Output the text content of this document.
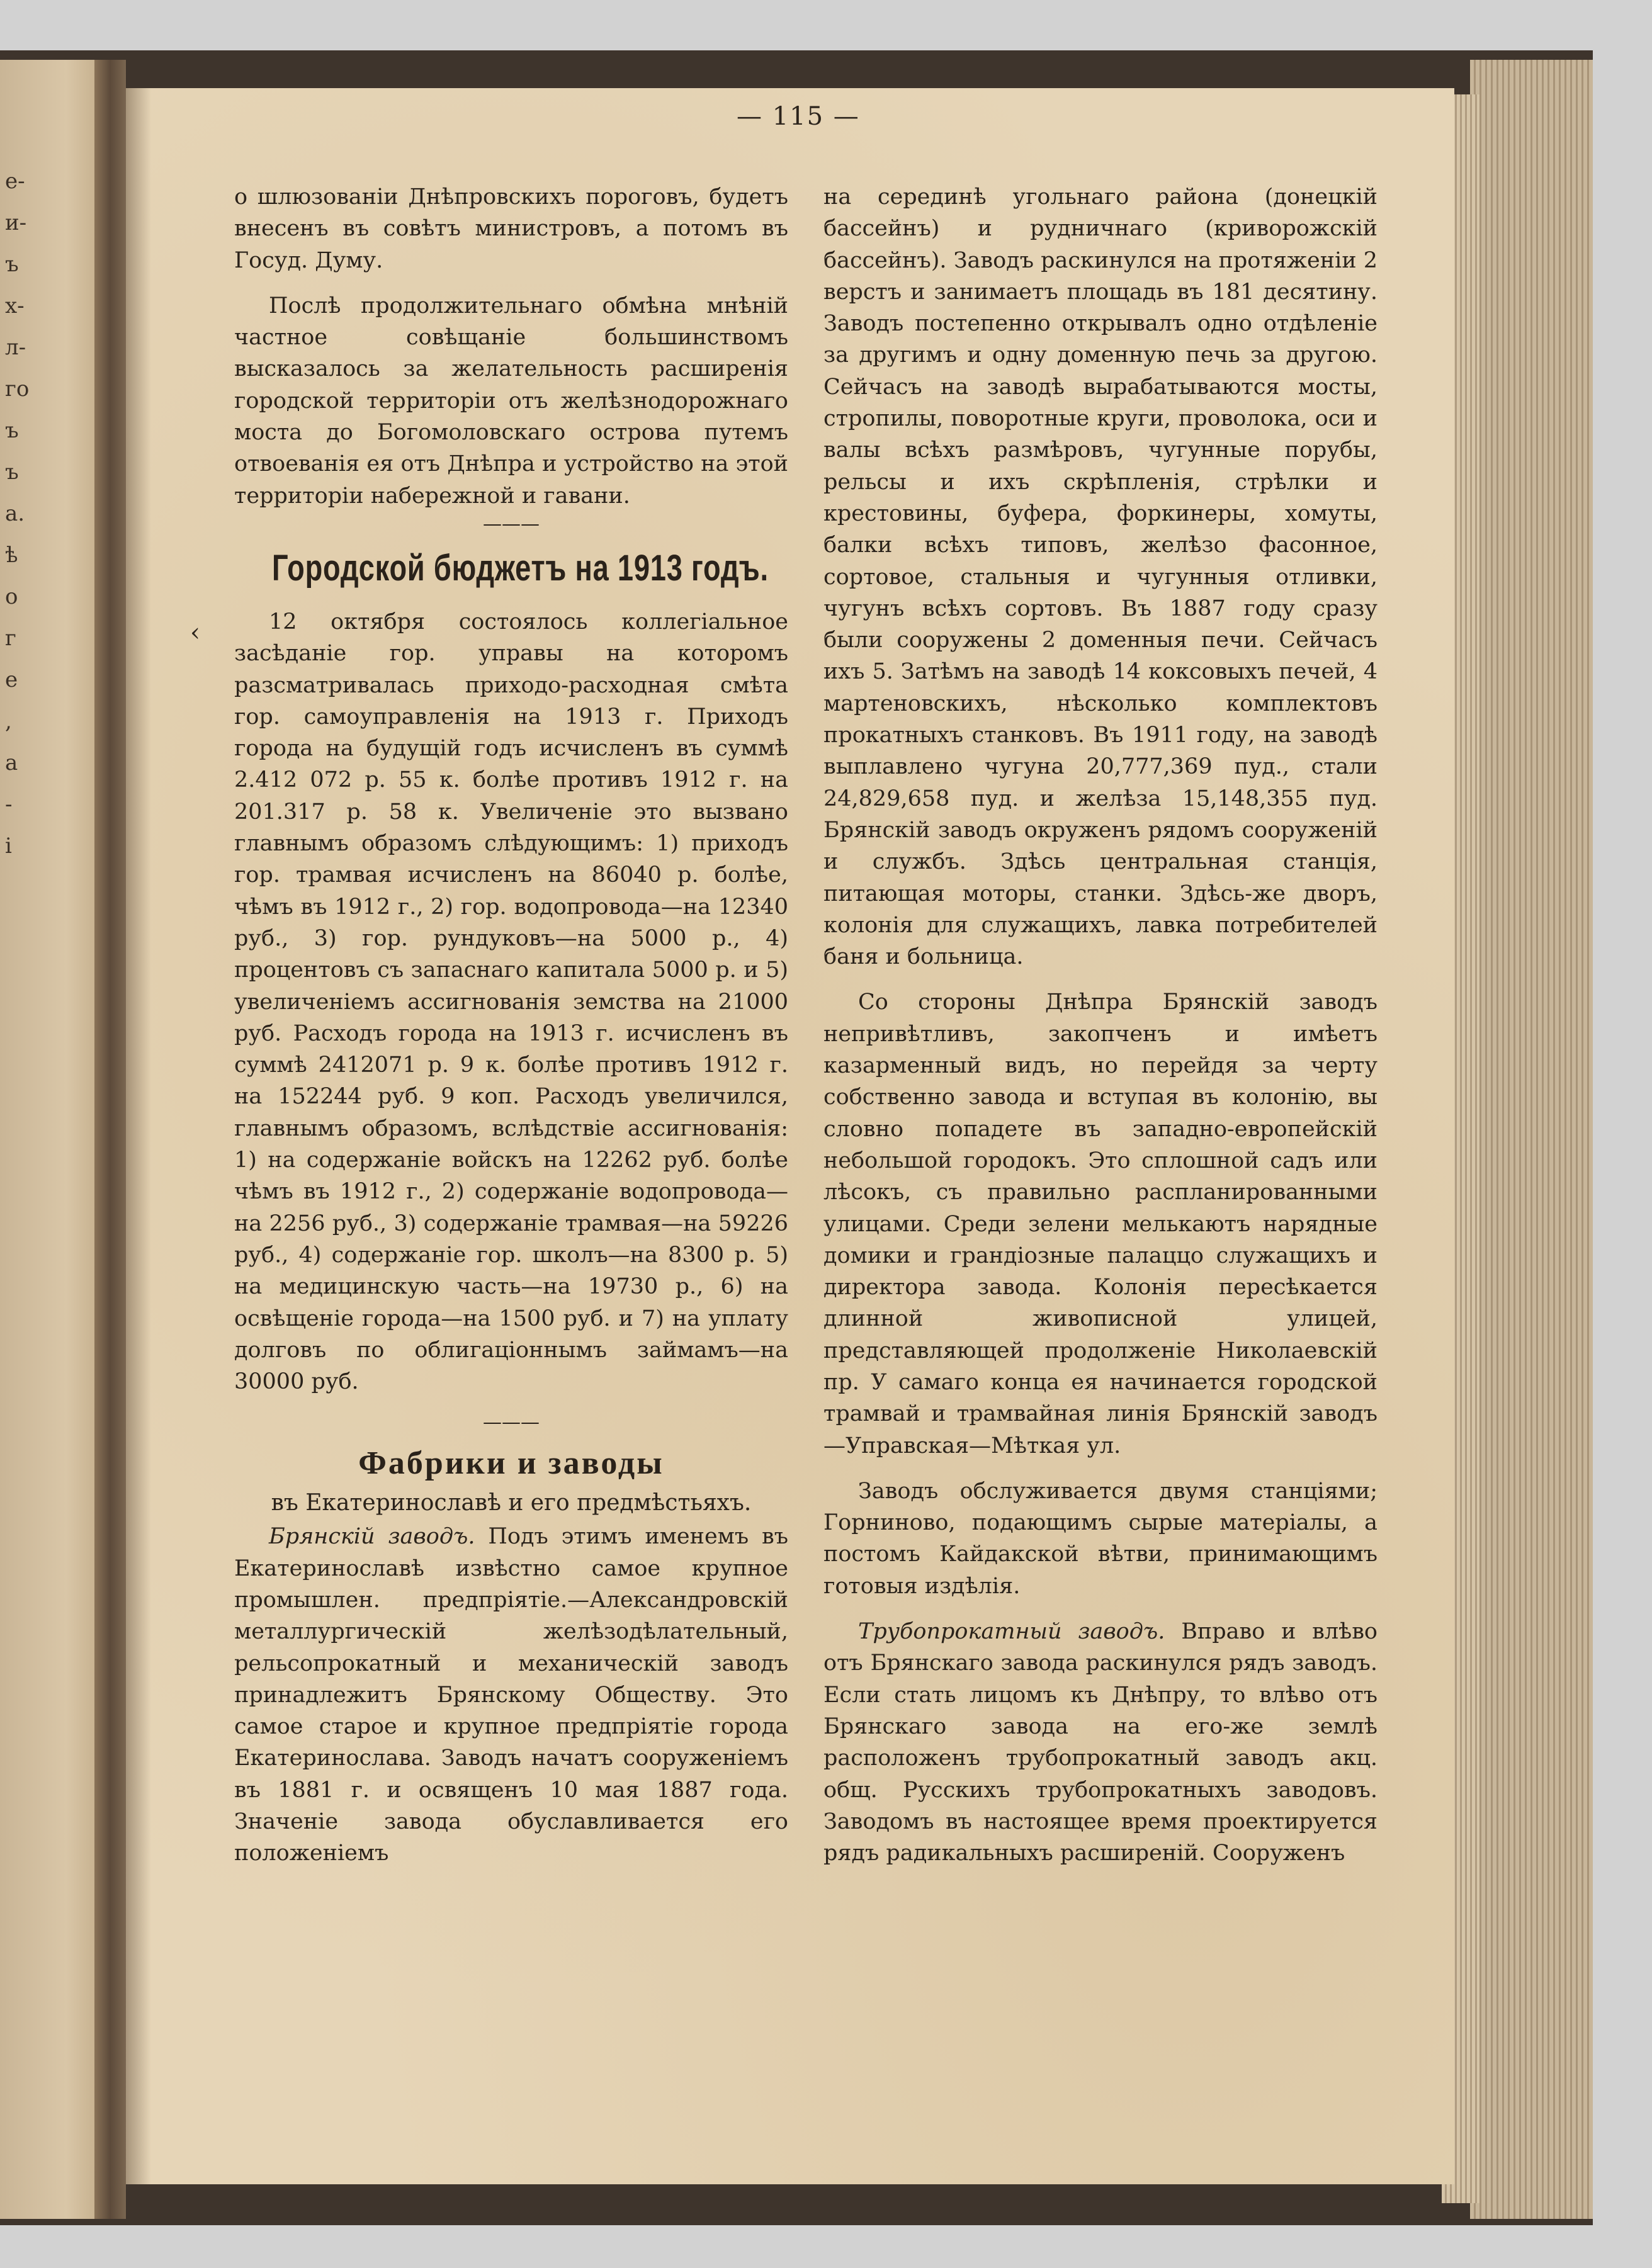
е-
и-
ъ
х-
л-
го
ъ
ъ
а.
ѣ
о
г
е
,
а
-
і
— 115 —
‹

о шлюзованіи Днѣпровскихъ пороговъ, будетъ внесенъ въ совѣтъ министровъ, а потомъ въ Госуд. Думу.

Послѣ продолжительнаго обмѣна мнѣній частное совѣщаніе большинствомъ высказалось за желательность расширенія городской территоріи отъ желѣзнодорожнаго моста до Богомоловскаго острова путемъ отвоеванія ея отъ Днѣпра и устройство на этой территоріи набережной и гавани.

———

Городской бюджетъ на 1913 годъ.

12 октября состоялось коллегіальное засѣданіе гор. управы на которомъ разсматривалась приходо-расходная смѣта гор. самоуправленія на 1913 г. Приходъ города на будущій годъ исчисленъ въ суммѣ 2.412 072 р. 55 к. болѣе противъ 1912 г. на 201.317 р. 58 к. Увеличеніе это вызвано главнымъ образомъ слѣдующимъ: 1) приходъ гор. трамвая исчисленъ на 86040 р. болѣе, чѣмъ въ 1912 г., 2) гор. водопровода—на 12340 руб., 3) гор. рундуковъ—на 5000 р., 4) процентовъ съ запаснаго капитала 5000 р. и 5) увеличеніемъ ассигнованія земства на 21000 руб. Расходъ города на 1913 г. исчисленъ въ суммѣ 2412071 р. 9 к. болѣе противъ 1912 г. на 152244 руб. 9 коп. Расходъ увеличился, главнымъ образомъ, вслѣдствіе ассигнованія: 1) на содержаніе войскъ на 12262 руб. болѣе чѣмъ въ 1912 г., 2) содержаніе водопровода—на 2256 руб., 3) содержаніе трамвая—на 59226 руб., 4) содержаніе гор. школъ—на 8300 р. 5) на медицинскую часть—на 19730 р., 6) на освѣщеніе города—на 1500 руб. и 7) на уплату долговъ по облигаціоннымъ займамъ—на 30000 руб.

———

Фабрики и заводы

въ Екатеринославѣ и его предмѣстьяхъ.

Брянскій заводъ. Подъ этимъ именемъ въ Екатеринославѣ извѣстно самое крупное промышлен. предпріятіе.—Александровскій металлургическій желѣзодѣлательный, рельсопрокатный и механическій заводъ принадлежитъ Брянскому Обществу. Это самое старое и крупное предпріятіе города Екатеринослава. Заводъ начатъ сооруженіемъ въ 1881 г. и освященъ 10 мая 1887 года. Значеніе завода обуславливается его положеніемъ

на серединѣ угольнаго района (донецкій бассейнъ) и рудничнаго (криворожскій бассейнъ). Заводъ раскинулся на протяженіи 2 верстъ и занимаетъ площадь въ 181 десятину. Заводъ постепенно открывалъ одно отдѣленіе за другимъ и одну доменную печь за другою. Сейчасъ на заводѣ вырабатываются мосты, стропилы, поворотные круги, проволока, оси и валы всѣхъ размѣровъ, чугунные порубы, рельсы и ихъ скрѣпленія, стрѣлки и крестовины, буфера, форкинеры, хомуты, балки всѣхъ типовъ, желѣзо фасонное, сортовое, стальныя и чугунныя отливки, чугунъ всѣхъ сортовъ. Въ 1887 году сразу были сооружены 2 доменныя печи. Сейчасъ ихъ 5. Затѣмъ на заводѣ 14 коксовыхъ печей, 4 мартеновскихъ, нѣсколько комплектовъ прокатныхъ станковъ. Въ 1911 году, на заводѣ выплавлено чугуна 20,777,369 пуд., стали 24,829,658 пуд. и желѣза 15,148,355 пуд. Брянскій заводъ окруженъ рядомъ сооруженій и службъ. Здѣсь центральная станція, питающая моторы, станки. Здѣсь-же дворъ, колонія для служащихъ, лавка потребителей баня и больница.

Со стороны Днѣпра Брянскій заводъ непривѣтливъ, закопченъ и имѣетъ казарменный видъ, но перейдя за черту собственно завода и вступая въ колонію, вы словно попадете въ западно-европейскій небольшой городокъ. Это сплошной садъ или лѣсокъ, съ правильно распланированными улицами. Среди зелени мелькаютъ нарядные домики и грандіозные палаццо служащихъ и директора завода. Колонія пересѣкается длинной живописной улицей, представляющей продолженіе Николаевскій пр. У самаго конца ея начинается городской трамвай и трамвайная линія Брянскій заводъ—Управская—Мѣткая ул.

Заводъ обслуживается двумя станціями; Горниново, подающимъ сырые матеріалы, а постомъ Кайдакской вѣтви, принимающимъ готовыя издѣлія.

Трубопрокатный заводъ. Вправо и влѣво отъ Брянскаго завода раскинулся рядъ заводъ. Если стать лицомъ къ Днѣпру, то влѣво отъ Брянскаго завода на его-же землѣ расположенъ трубопрокатный заводъ акц. общ. Русскихъ трубопрокатныхъ заводовъ. Заводомъ въ настоящее время проектируется рядъ радикальныхъ расширеній. Сооруженъ
